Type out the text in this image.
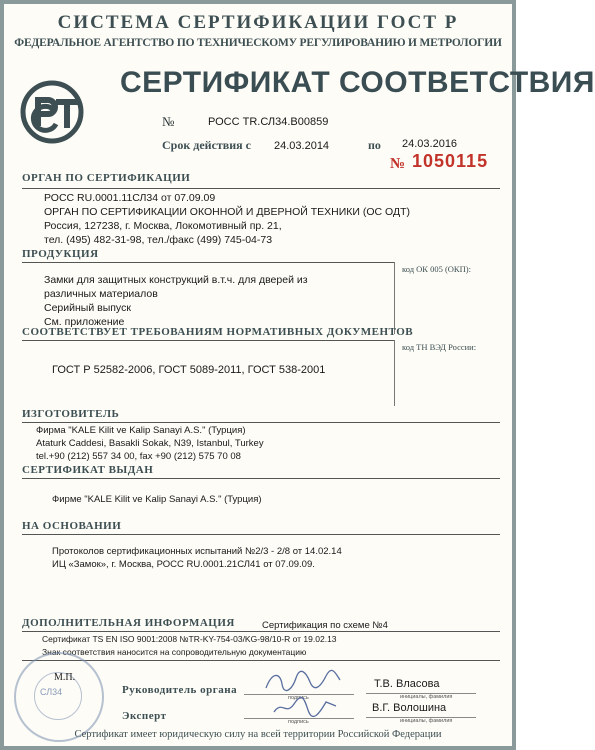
СИСТЕМА СЕРТИФИКАЦИИ ГОСТ Р
ФЕДЕРАЛЬНОЕ АГЕНТСТВО ПО ТЕХНИЧЕСКОМУ РЕГУЛИРОВАНИЮ И МЕТРОЛОГИИ
СЕРТИФИКАТ СООТВЕТСТВИЯ
№	РОСС TR.СЛ34.B00859
Срок действия с 24.03.2014	по 24.03.2016
№ 1050115
ОРГАН ПО СЕРТИФИКАЦИИ
РОСС RU.0001.11СЛ34 от 07.09.09
ОРГАН ПО СЕРТИФИКАЦИИ ОКОННОЙ И ДВЕРНОЙ ТЕХНИКИ (ОС ОДТ)
Россия, 127238, г. Москва, Локомотивный пр. 21,
тел. (495) 482-31-98, тел./факс (499) 745-04-73
ПРОДУКЦИЯ
код ОК 005 (ОКП):
Замки для защитных конструкций в.т.ч. для дверей из
различных материалов
Серийный выпуск
См. приложение
СООТВЕТСТВУЕТ ТРЕБОВАНИЯМ НОРМАТИВНЫХ ДОКУМЕНТОВ
код ТН ВЭД России:
ГОСТ Р 52582-2006, ГОСТ 5089-2011, ГОСТ 538-2001
ИЗГОТОВИТЕЛЬ
Фирма "KALE Kilit ve Kalip Sanayi A.S." (Турция)
Ataturk Caddesi, Basakli Sokak, N39, Istanbul, Turkey
tel.+90 (212) 557 34 00, fax +90 (212) 575 70 08
СЕРТИФИКАТ ВЫДАН
Фирме "KALE Kilit ve Kalip Sanayi A.S." (Турция)
НА ОСНОВАНИИ
Протоколов сертификационных испытаний №2/3 - 2/8 от 14.02.14
ИЦ «Замок», г. Москва, РОСС RU.0001.21СЛ41 от 07.09.09.
ДОПОЛНИТЕЛЬНАЯ ИНФОРМАЦИЯ	Сертификация по схеме №4
Сертификат TS EN ISO 9001:2008 №TR-KY-754-03/KG-98/10-R от 19.02.13
Знак соответствия наносится на сопроводительную документацию
СЛ34
М.П.
Руководитель органа
подпись
Т.В. Власова
инициалы, фамилия
Эксперт	подпись
В.Г. Волошина
инициалы, фамилия
Сертификат имеет юридическую силу на всей территории Российской Федерации
